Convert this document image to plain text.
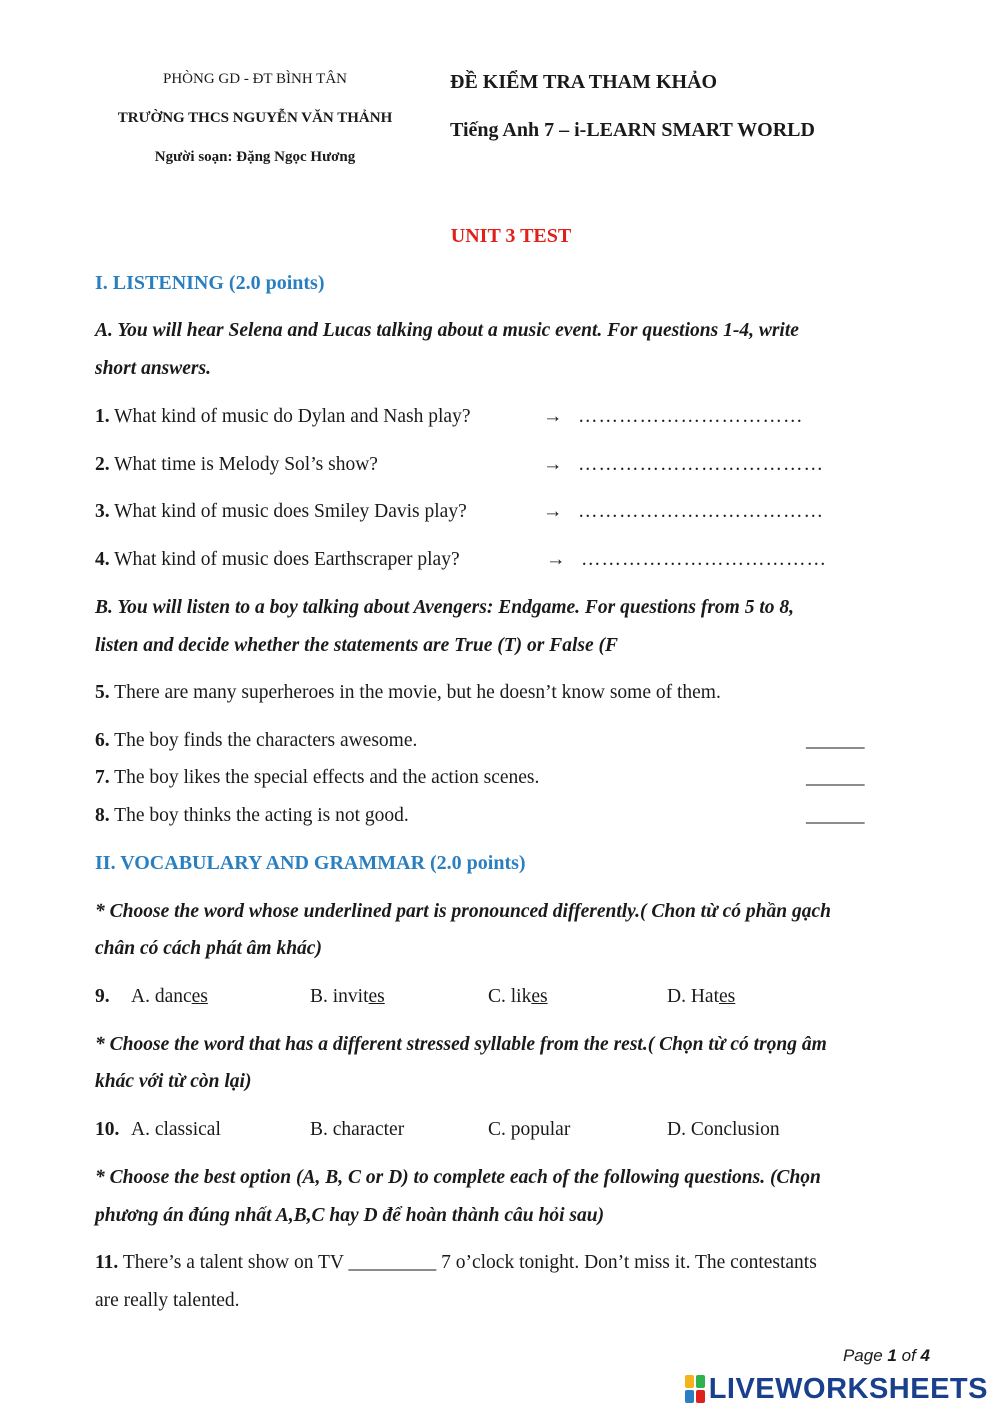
PHÒNG GD - ĐT BÌNH TÂN
TRƯỜNG THCS NGUYỄN VĂN THẢNH
Người soạn: Đặng Ngọc Hương
ĐỀ KIỂM TRA THAM KHẢO
Tiếng Anh 7 – i-LEARN SMART WORLD
UNIT 3 TEST
I. LISTENING (2.0 points)
A. You will hear Selena and Lucas talking about a music event. For questions 1-4, write
short answers.
1. What kind of music do Dylan and Nash play?	→ ……………………………
2. What time is Melody Sol’s show?	→ ………………………………
3. What kind of music does Smiley Davis play?	→ ………………………………
4. What kind of music does Earthscraper play?	→ ………………………………
B. You will listen to a boy talking about Avengers: Endgame. For questions from 5 to 8,
listen and decide whether the statements are True (T) or False (F
5. There are many superheroes in the movie, but he doesn’t know some of them.
6. The boy finds the characters awesome.	______
7. The boy likes the special effects and the action scenes.	______
8. The boy thinks the acting is not good.	______
II. VOCABULARY AND GRAMMAR (2.0 points)
* Choose the word whose underlined part is pronounced differently.( Chon từ có phần gạch
chân có cách phát âm khác)
9. A. dances	B. invites	C. likes	D. Hates
* Choose the word that has a different stressed syllable from the rest.( Chọn từ có trọng âm
khác với từ còn lại)
10. A. classical	B. character	C. popular	D. Conclusion
* Choose the best option (A, B, C or D) to complete each of the following questions. (Chọn
phương án đúng nhất A,B,C hay D để hoàn thành câu hỏi sau)
11. There’s a talent show on TV _________ 7 o’clock tonight. Don’t miss it. The contestants
are really talented.
Page 1 of 4
LIVEWORKSHEETS
